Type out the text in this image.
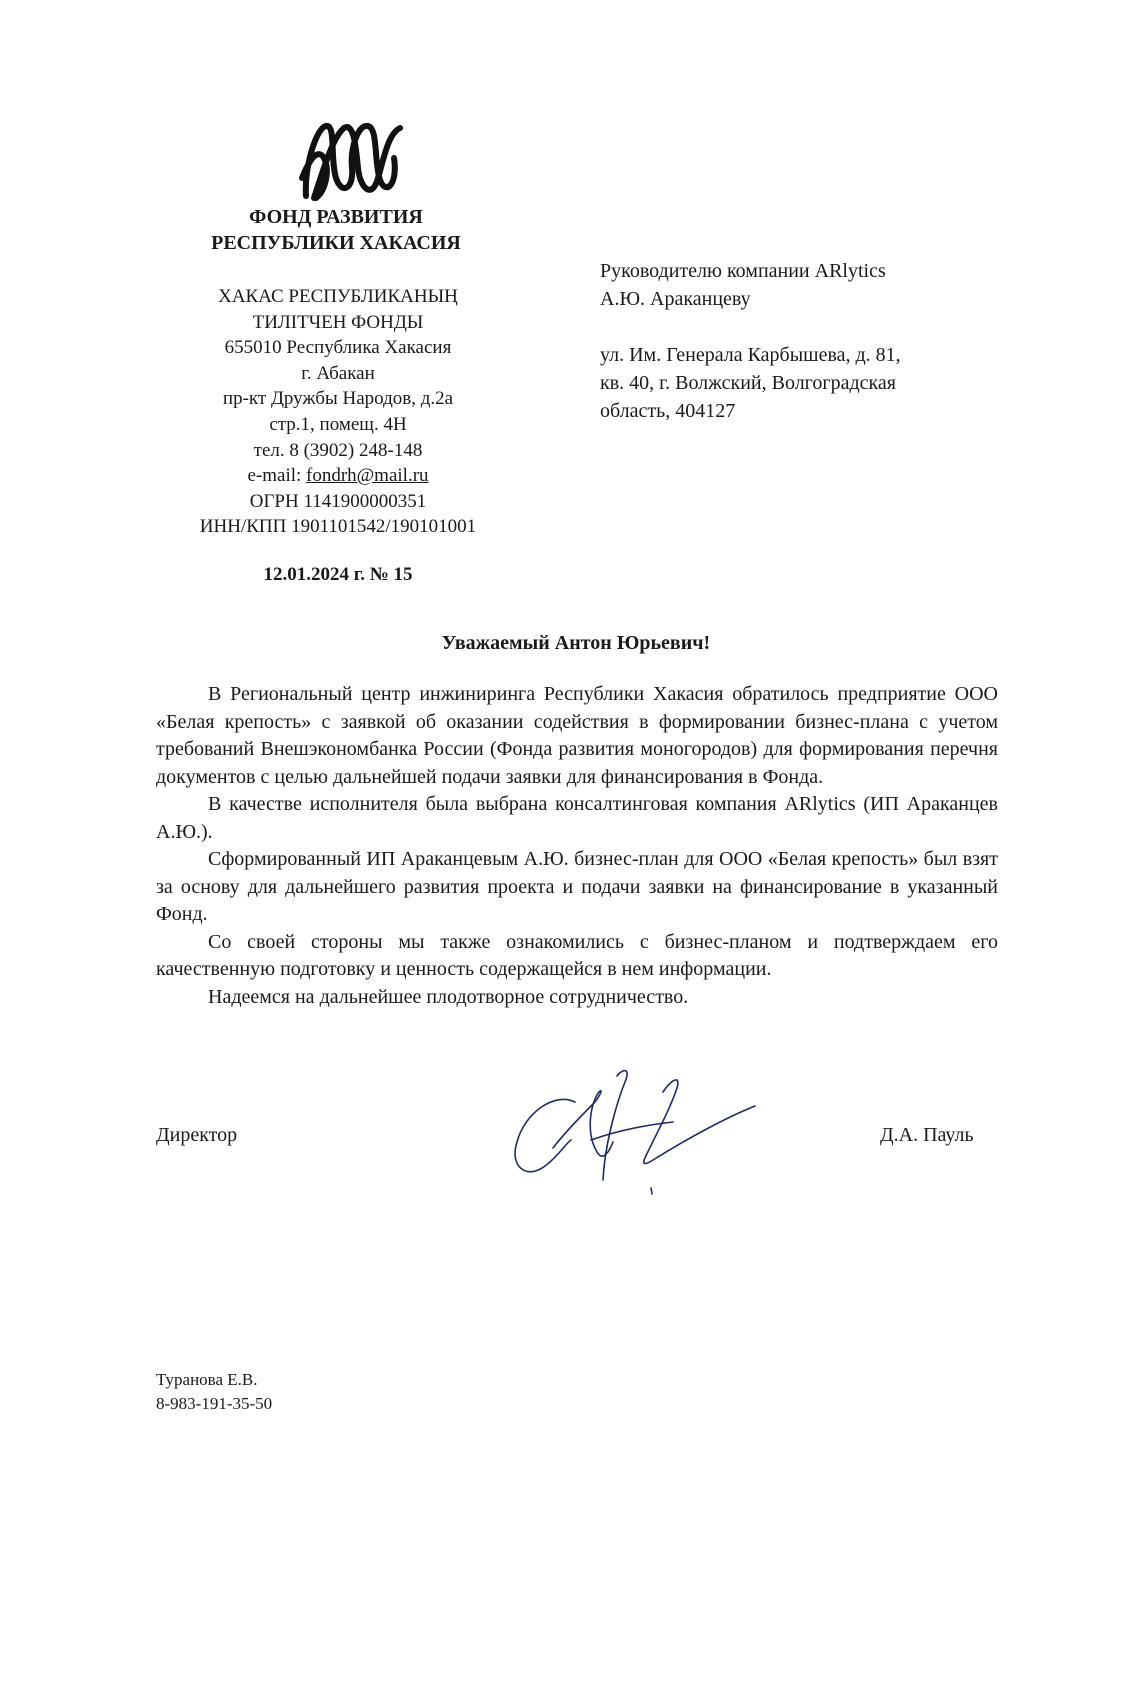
ФОНД РАЗВИТИЯ
РЕСПУБЛИКИ ХАКАСИЯ
ХАКАС РЕСПУБЛИКАНЫҢ
ТИЛIТЧЕН ФОНДЫ
655010 Республика Хакасия
г. Абакан
пр-кт Дружбы Народов, д.2а
стр.1, помещ. 4Н
тел. 8 (3902) 248-148
e-mail: fondrh@mail.ru
ОГРН 1141900000351
ИНН/КПП 1901101542/190101001
12.01.2024 г. № 15
Руководителю компании ARlytics
А.Ю. Араканцеву
ул. Им. Генерала Карбышева, д. 81,
кв. 40, г. Волжский, Волгоградская
область, 404127
Уважаемый Антон Юрьевич!

В Региональный центр инжиниринга Республики Хакасия обратилось предприятие ООО «Белая крепость» с заявкой об оказании содействия в формировании бизнес-плана с учетом требований Внешэкономбанка России (Фонда развития моногородов) для формирования перечня документов с целью дальнейшей подачи заявки для финансирования в Фонда.

В качестве исполнителя была выбрана консалтинговая компания ARlytics (ИП Араканцев А.Ю.).

Сформированный ИП Араканцевым А.Ю. бизнес-план для ООО «Белая крепость» был взят за основу для дальнейшего развития проекта и подачи заявки на финансирование в указанный Фонд.

Со своей стороны мы также ознакомились с бизнес-планом и подтверждаем его качественную подготовку и ценность содержащейся в нем информации.

Надеемся на дальнейшее плодотворное сотрудничество.

Директор	Д.А. Пауль
Туранова Е.В.
8-983-191-35-50
